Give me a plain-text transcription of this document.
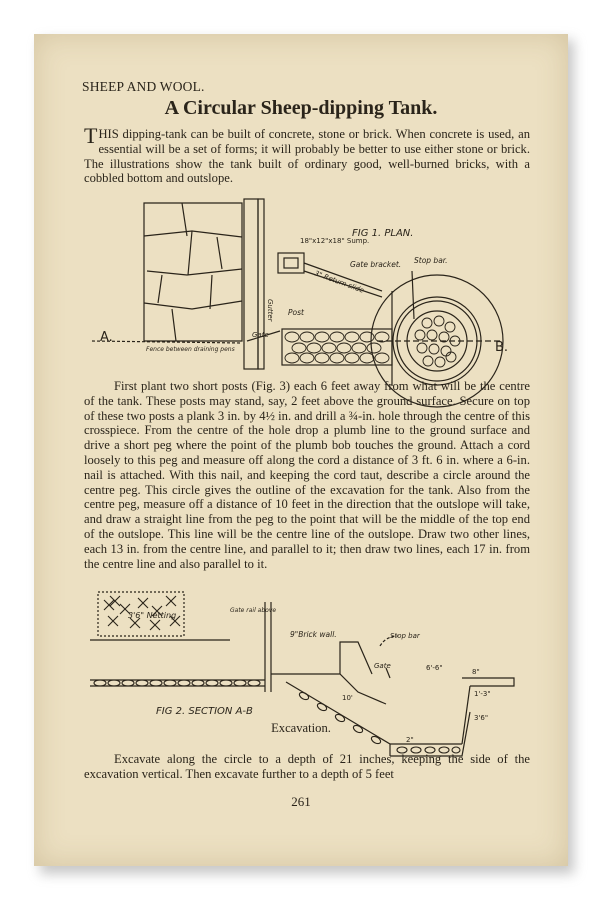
SHEEP AND WOOL.
A Circular Sheep-dipping Tank.
THIS dipping-tank can be built of concrete, stone or brick. When concrete is used, an essential will be a set of forms; it will probably be better to use either stone or brick. The illustrations show the tank built of ordinary good, well-burned bricks, with a cobbled bottom and outslope.
FIG 1. PLAN.
A.
B.
18"x12"x18" Sump.
Gate bracket. Stop bar.
3" Return slide
Gutter Post
Gate
Fence between draining pens
First plant two short posts (Fig. 3) each 6 feet away from what will be the centre of the tank. These posts may stand, say, 2 feet above the ground surface. Secure on top of these two posts a plank 3 in. by 4½ in. and drill a ¾-in. hole through the centre of this crosspiece. From the centre of the hole drop a plumb line to the ground surface and drive a short peg where the point of the plumb bob touches the ground. Attach a cord loosely to this peg and measure off along the cord a distance of 3 ft. 6 in. where a 6-in. nail is attached. With this nail, and keeping the cord taut, describe a circle around the centre peg. This circle gives the outline of the excavation for the tank. Also from the centre peg, measure off a distance of 10 feet in the direction that the outslope will take, and draw a straight line from the peg to the point that will be the middle of the top end of the outslope. This line will be the centre line of the outslope. Draw two other lines, each 13 in. from the centre line, and parallel to it; then draw two lines, each 17 in. from the centre line and also parallel to it.
3'6" Netting
Gate rail above
9"Brick wall.	Stop bar
Gate	6'-6"	8"
1'-3"
3'6"
10'
2"
FIG 2. SECTION A-B
Excavation.
Excavate along the circle to a depth of 21 inches, keeping the side of the excavation vertical. Then excavate further to a depth of 5 feet
261
